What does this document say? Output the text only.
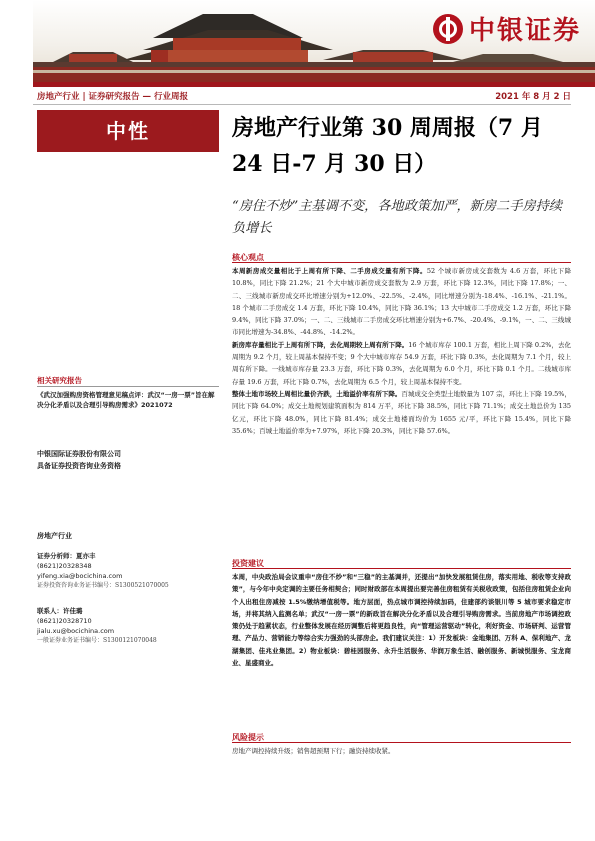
中银证券
房地产行业 | 证券研究报告 — 行业周报	2021 年 8 月 2 日
中性	房地产行业第 30 周周报（7 月 24 日-7 月 30 日）
“房住不炒”主基调不变，各地政策加严，新房二手房持续负增长
核心观点

本周新房成交量相比于上周有所下降、二手房成交量有所下降。52 个城市新房成交套数为 4.6 万套，环比下降 10.8%，同比下降 21.2%；21 个大中城市新房成交套数为 2.9 万套，环比下降 12.3%，同比下降 17.8%；一、二、三线城市新房成交环比增速分别为+12.0%、-22.5%、-2.4%，同比增速分别为-18.4%、-16.1%、-21.1%。18 个城市二手房成交 1.4 万套，环比下降 10.4%，同比下降 36.1%；13 大中城市二手房成交 1.2 万套，环比下降 9.4%，同比下降 37.0%；一、二、三线城市二手房成交环比增速分别为+6.7%、-20.4%、-9.1%，一、二、三线城市同比增速为-34.8%、-44.8%、-14.2%。

新房库存量相比于上周有所下降，去化周期较上周有所下降。16 个城市库存 100.1 万套，相比上周下降 0.2%，去化周期为 9.2 个月，较上周基本保持不变；9 个大中城市库存 54.9 万套，环比下降 0.3%，去化周期为 7.1 个月，较上周有所下降。一线城市库存量 23.3 万套，环比下降 0.3%，去化周期为 6.0 个月，环比下降 0.1 个月。二线城市库存量 19.6 万套，环比下降 0.7%，去化周期为 6.5 个月，较上周基本保持不变。

整体土地市场较上周相比量价齐跌，土地溢价率有所下降。百城成交全类型土地数量为 107 宗，环比上下降 19.5%，同比下降 64.0%；成交土地规划建筑面积为 814 万平，环比下降 38.5%，同比下降 71.1%；成交土地总价为 135 亿元，环比下降 48.0%，同比下降 81.4%；成交土地楼面均价为 1655 元/平，环比下降 15.4%，同比下降 35.6%；百城土地溢价率为+7.97%，环比下降 20.3%，同比下降 57.6%。

投资建议

本周，中央政治局会议重申“房住不炒”和“三稳”的主基调并，还提出“加快发展租赁住房，落实用地、税收等支持政策”，与今年中央定调的主要任务相契合；同时财政部在本周提出要完善住房租赁有关税收政策，包括住房租赁企业向个人出租住房减按 1.5%缴纳增值税等。地方层面，热点城市调控持续加码，住建部约谈银川等 5 城市要求稳定市场，并将其纳入监测名单；武汉“一房一票”的新政旨在解决分化矛盾以及合理引导购房需求。当前房地产市场调控政策仍处于趋紧状态，行业整体发展在经历调整后将更趋良性，向“管理运营驱动”转化，利好资金、市场研判、运营管理、产品力、营销能力等综合实力强劲的头部房企。我们建议关注：1）开发板块：金地集团、万科 A、保利地产、龙湖集团、佳兆业集团。2）物业板块：碧桂园服务、永升生活服务、华润万象生活、融创服务、新城悦服务、宝龙商业、星盛商业。

风险提示

房地产调控持续升级；销售超预期下行；融资持续收紧。

相关研究报告
《武汉加强购房资格管理意见稿点评：武汉“一房一票”旨在解决分化矛盾以及合理引导购房需求》2021072
中银国际证券股份有限公司
具备证券投资咨询业务资格
房地产行业
证券分析师：夏亦丰
(8621)20328348
yifeng.xia@bocichina.com
证券投资咨询业务证书编号：S1300521070005
联系人：许佳璐
(8621)20328710
jialu.xu@bocichina.com
一般证券业务证书编号：S1300121070048
